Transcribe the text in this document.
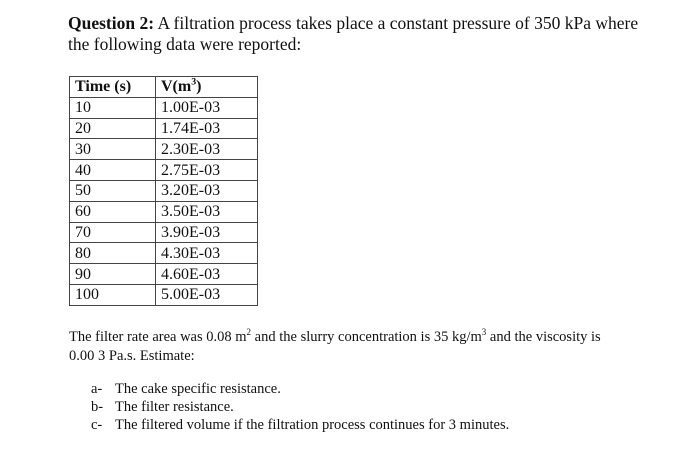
Question 2: A filtration process takes place a constant pressure of 350 kPa where
the following data were reported:
Time (s)	$V(m^3)$
10	1.00E-03
20	1.74E-03
30	2.30E-03
40	2.75E-03
50	3.20E-03
60	3.50E-03
70	3.90E-03
80	4.30E-03
90	4.60E-03
100	5.00E-03
The filter rate area was 0.08 $m^2$ and the slurry concentration is 35 $kg/m^3$ and the viscosity is
0.00 3 Pa.s. Estimate:
a- The cake specific resistance.
b- The filter resistance.
c- The filtered volume if the filtration process continues for 3 minutes.
